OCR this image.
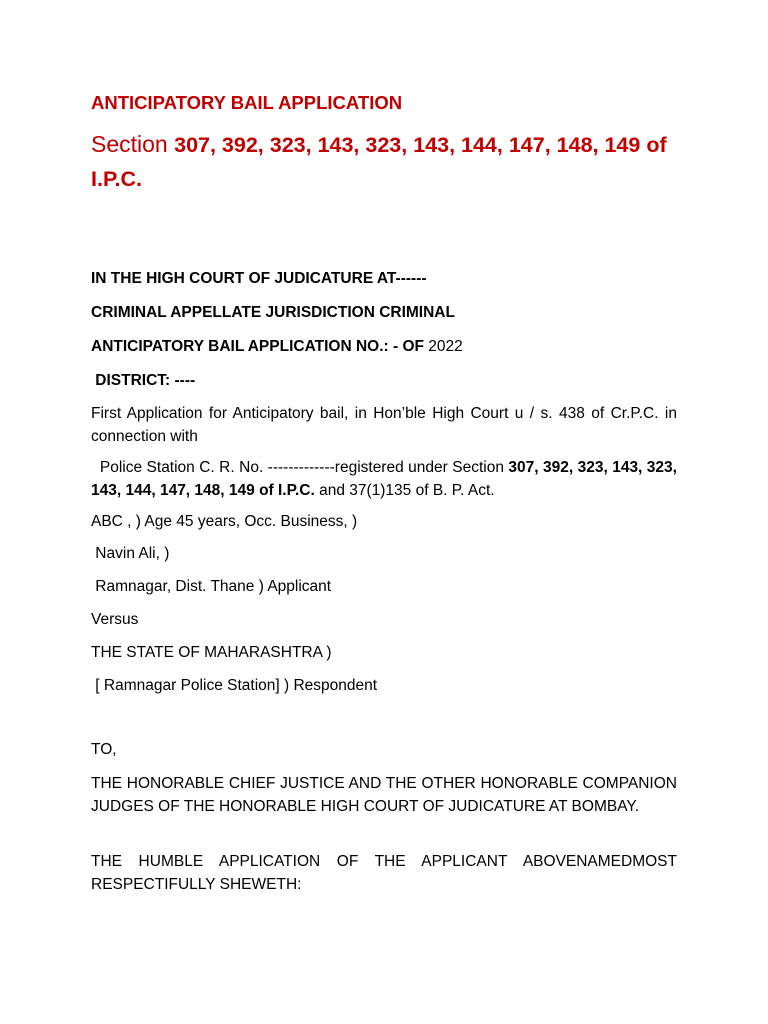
ANTICIPATORY BAIL APPLICATION
Section 307, 392, 323, 143, 323, 143, 144, 147, 148, 149 of I.P.C.
IN THE HIGH COURT OF JUDICATURE AT------
CRIMINAL APPELLATE JURISDICTION CRIMINAL
ANTICIPATORY BAIL APPLICATION NO.: - OF 2022
DISTRICT: ----
First Application for Anticipatory bail, in Hon’ble High Court u / s. 438 of Cr.P.C. in connection with
Police Station C. R. No. -------------registered under Section 307, 392, 323, 143, 323, 143, 144, 147, 148, 149 of I.P.C. and 37(1)135 of B. P. Act.
ABC , ) Age 45 years, Occ. Business, )
Navin Ali, )
Ramnagar, Dist. Thane ) Applicant
Versus
THE STATE OF MAHARASHTRA )
[ Ramnagar Police Station] ) Respondent
TO,
THE HONORABLE CHIEF JUSTICE AND THE OTHER HONORABLE COMPANION JUDGES OF THE HONORABLE HIGH COURT OF JUDICATURE AT BOMBAY.
THE HUMBLE APPLICATION OF THE APPLICANT ABOVENAMEDMOST RESPECTIFULLY SHEWETH:
